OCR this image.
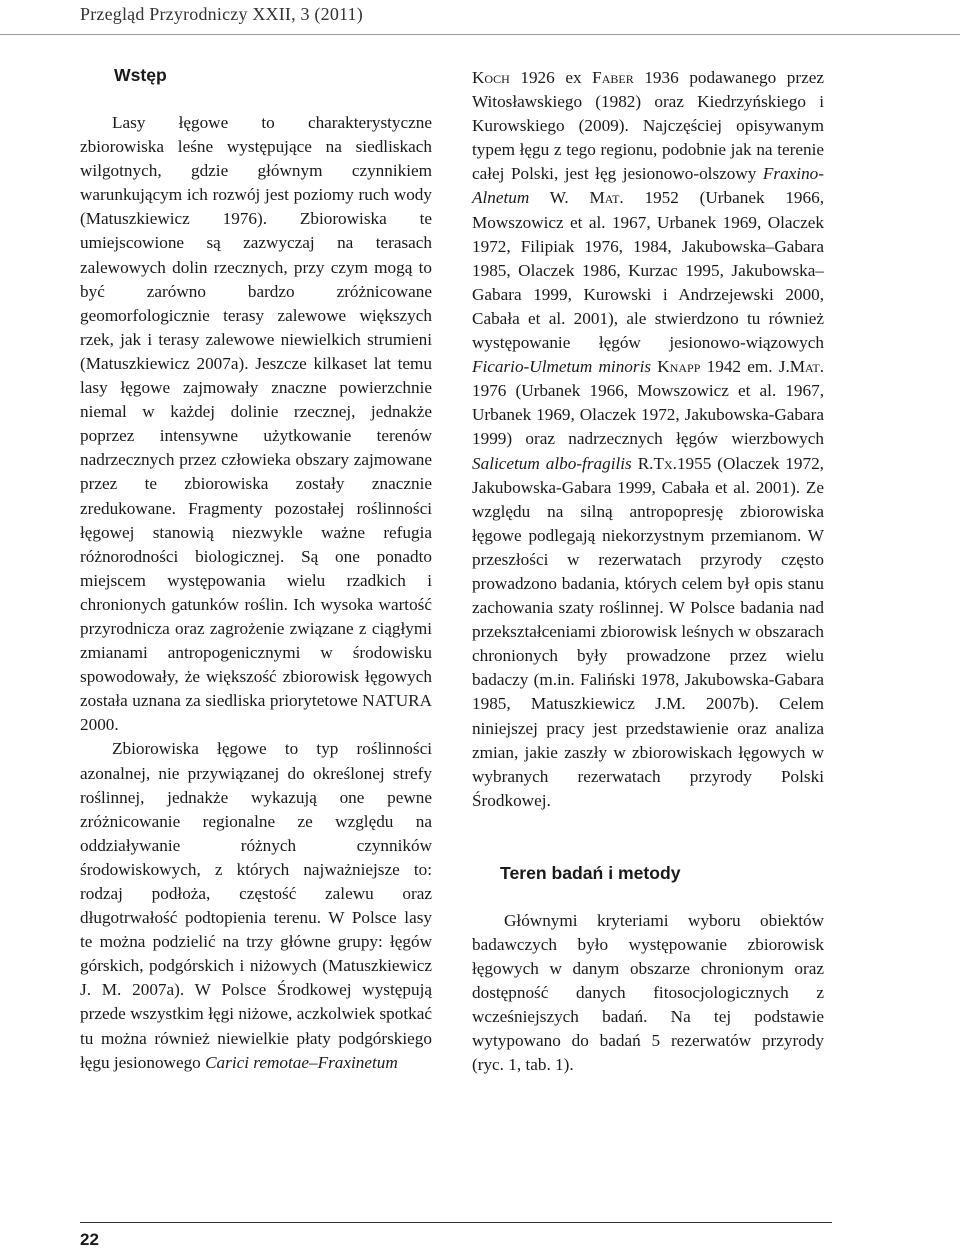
Przegląd Przyrodniczy XXII, 3 (2011)
Wstęp

Lasy łęgowe to charakterystyczne zbiorowiska leśne występujące na siedliskach wilgotnych, gdzie głównym czynnikiem warunkującym ich rozwój jest poziomy ruch wody (Matuszkiewicz 1976). Zbiorowiska te umiejscowione są zazwyczaj na terasach zalewowych dolin rzecznych, przy czym mogą to być zarówno bardzo zróżnicowane geomorfologicznie terasy zalewowe większych rzek, jak i terasy zalewowe niewielkich strumieni (Matuszkiewicz 2007a). Jeszcze kilkaset lat temu lasy łęgowe zajmowały znaczne powierzchnie niemal w każdej dolinie rzecznej, jednakże poprzez intensywne użytkowanie terenów nadrzecznych przez człowieka obszary zajmowane przez te zbiorowiska zostały znacznie zredukowane. Fragmenty pozostałej roślinności łęgowej stanowią niezwykle ważne refugia różnorodności biologicznej. Są one ponadto miejscem występowania wielu rzadkich i chronionych gatunków roślin. Ich wysoka wartość przyrodnicza oraz zagrożenie związane z ciągłymi zmianami antropogenicznymi w środowisku spowodowały, że większość zbiorowisk łęgowych została uznana za siedliska priorytetowe NATURA 2000.

Zbiorowiska łęgowe to typ roślinności azonalnej, nie przywiązanej do określonej strefy roślinnej, jednakże wykazują one pewne zróżnicowanie regionalne ze względu na oddziaływanie różnych czynników środowiskowych, z których najważniejsze to: rodzaj podłoża, częstość zalewu oraz długotrwałość podtopienia terenu. W Polsce lasy te można podzielić na trzy główne grupy: łęgów górskich, podgórskich i niżowych (Matuszkiewicz J. M. 2007a). W Polsce Środkowej występują przede wszystkim łęgi niżowe, aczkolwiek spotkać tu można również niewielkie płaty podgórskiego łęgu jesionowego Carici remotae–Fraxinetum

Koch 1926 ex Faber 1936 podawanego przez Witosławskiego (1982) oraz Kiedrzyńskiego i Kurowskiego (2009). Najczęściej opisywanym typem łęgu z tego regionu, podobnie jak na terenie całej Polski, jest łęg jesionowo-olszowy Fraxino-Alnetum W. Mat. 1952 (Urbanek 1966, Mowszowicz et al. 1967, Urbanek 1969, Olaczek 1972, Filipiak 1976, 1984, Jakubowska–Gabara 1985, Olaczek 1986, Kurzac 1995, Jakubowska–Gabara 1999, Kurowski i Andrzejewski 2000, Cabała et al. 2001), ale stwierdzono tu również występowanie łęgów jesionowo-wiązowych Ficario-Ulmetum minoris Knapp 1942 em. J.Mat. 1976 (Urbanek 1966, Mowszowicz et al. 1967, Urbanek 1969, Olaczek 1972, Jakubowska-Gabara 1999) oraz nadrzecznych łęgów wierzbowych Salicetum albo-fragilis R.Tx.1955 (Olaczek 1972, Jakubowska-Gabara 1999, Cabała et al. 2001). Ze względu na silną antropopresję zbiorowiska łęgowe podlegają niekorzystnym przemianom. W przeszłości w rezerwatach przyrody często prowadzono badania, których celem był opis stanu zachowania szaty roślinnej. W Polsce badania nad przekształceniami zbiorowisk leśnych w obszarach chronionych były prowadzone przez wielu badaczy (m.in. Faliński 1978, Jakubowska-Gabara 1985, Matuszkiewicz J.M. 2007b). Celem niniejszej pracy jest przedstawienie oraz analiza zmian, jakie zaszły w zbiorowiskach łęgowych w wybranych rezerwatach przyrody Polski Środkowej.

Teren badań i metody

Głównymi kryteriami wyboru obiektów badawczych było występowanie zbiorowisk łęgowych w danym obszarze chronionym oraz dostępność danych fitosocjologicznych z wcześniejszych badań. Na tej podstawie wytypowano do badań 5 rezerwatów przyrody (ryc. 1, tab. 1).

22
